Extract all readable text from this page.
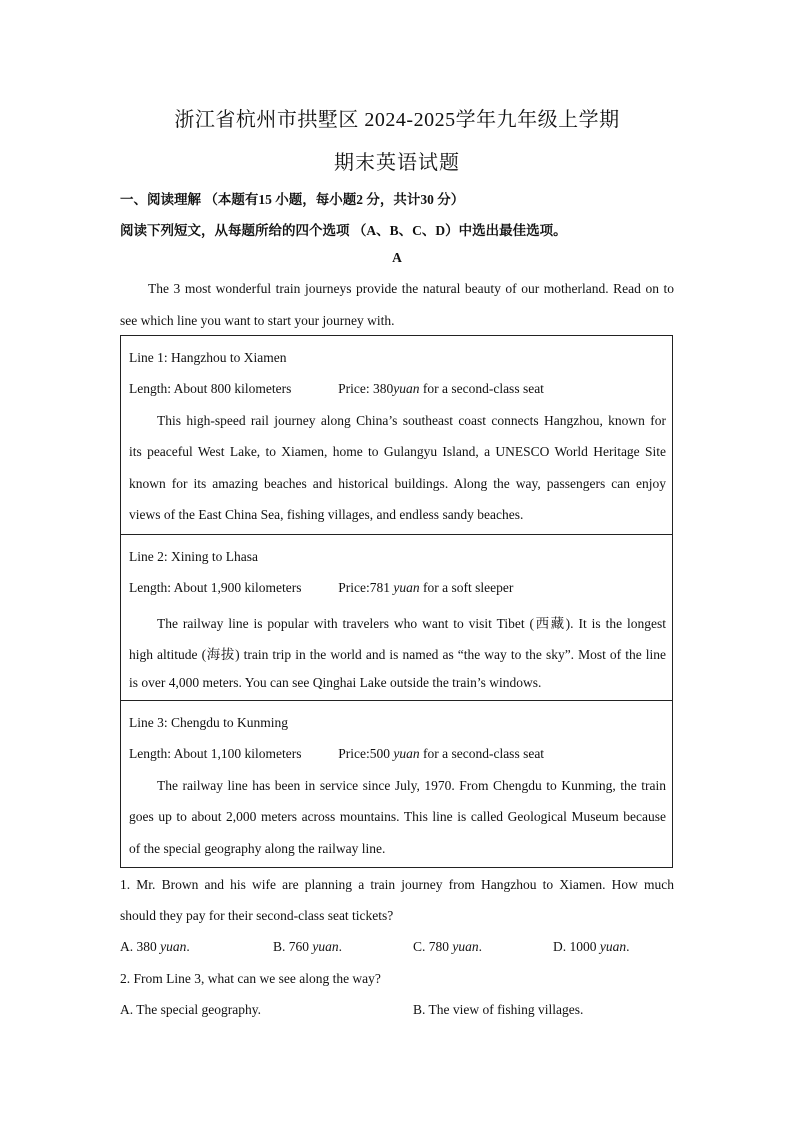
浙江省杭州市拱墅区 2024-2025学年九年级上学期
期末英语试题
一、阅读理解 （本题有15 小题，每小题2 分，共计30 分）
阅读下列短文，从每题所给的四个选项 （A、B、C、D）中选出最佳选项。
A
The 3 most wonderful train journeys provide the natural beauty of our motherland. Read on to
see which line you want to start your journey with.
Line 1: Hangzhou to Xiamen
Length: About 800 kilometers	Price: 380yuan for a second-class seat
This high-speed rail journey along China’s southeast coast connects Hangzhou, known for
its peaceful West Lake, to Xiamen, home to Gulangyu Island, a UNESCO World Heritage Site
known for its amazing beaches and historical buildings. Along the way, passengers can enjoy
views of the East China Sea, fishing villages, and endless sandy beaches.
Line 2: Xining to Lhasa
Length: About 1,900 kilometers	Price:781 yuan for a soft sleeper
The railway line is popular with travelers who want to visit Tibet (西藏). It is the longest
high altitude (海拔) train trip in the world and is named as “the way to the sky”. Most of the line
is over 4,000 meters. You can see Qinghai Lake outside the train’s windows.
Line 3: Chengdu to Kunming
Length: About 1,100 kilometers	Price:500 yuan for a second-class seat
The railway line has been in service since July, 1970. From Chengdu to Kunming, the train
goes up to about 2,000 meters across mountains. This line is called Geological Museum because
of the special geography along the railway line.
1. Mr. Brown and his wife are planning a train journey from Hangzhou to Xiamen. How much
should they pay for their second-class seat tickets?
A. 380 yuan.	B. 760 yuan.	C. 780 yuan.	D. 1000 yuan.
2. From Line 3, what can we see along the way?
A. The special geography.	B. The view of fishing villages.
